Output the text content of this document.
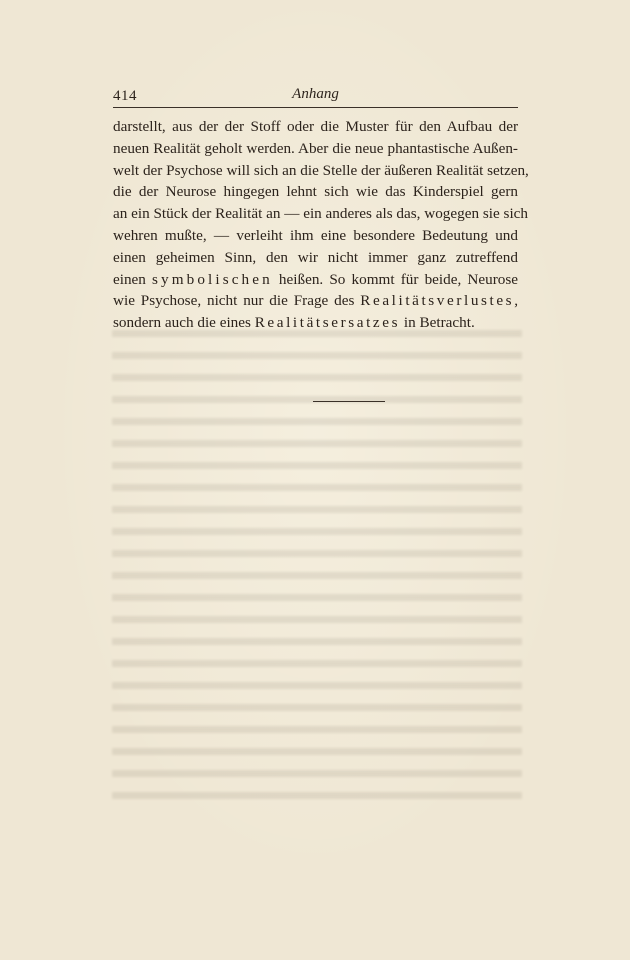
414	Anhang
darstellt, aus der der Stoff oder die Muster für den Aufbau der
neuen Realität geholt werden. Aber die neue phantastische Außen-
welt der Psychose will sich an die Stelle der äußeren Realität setzen,
die der Neurose hingegen lehnt sich wie das Kinderspiel gern
an ein Stück der Realität an — ein anderes als das, wogegen sie sich
wehren mußte, — verleiht ihm eine besondere Bedeutung und
einen geheimen Sinn, den wir nicht immer ganz zutreffend
einen symbolischen heißen. So kommt für beide, Neurose
wie Psychose, nicht nur die Frage des Realitätsverlustes,
sondern auch die eines Realitätsersatzes in Betracht.
